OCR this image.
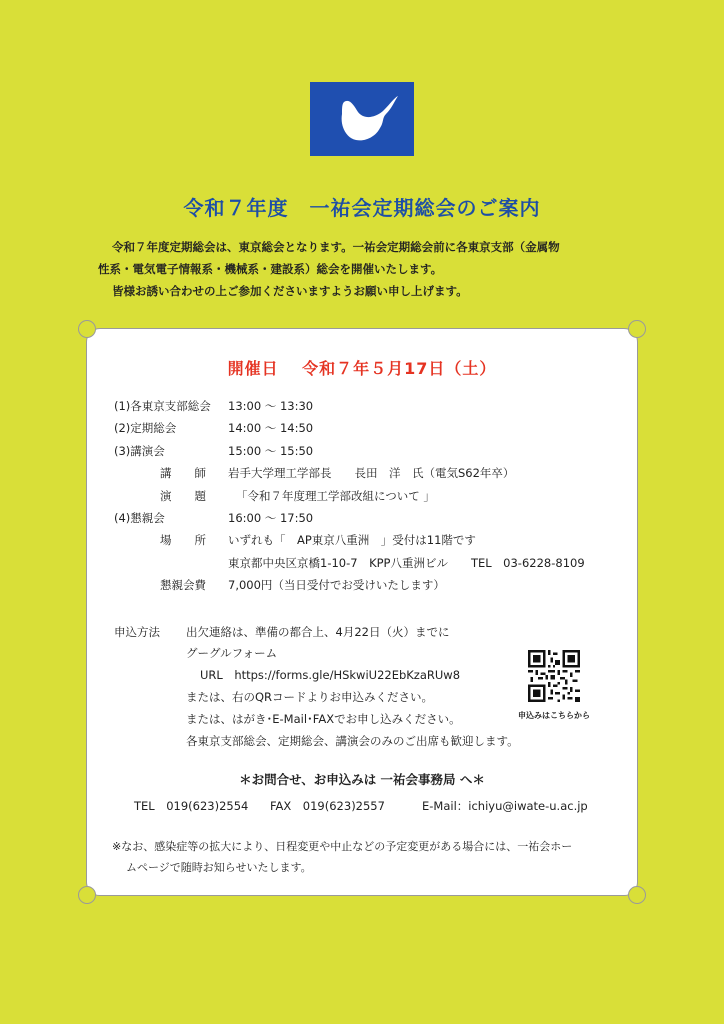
令和７年度　一祐会定期総会のご案内

令和７年度定期総会は、東京総会となります。一祐会定期総会前に各東京支部（金属物

性系・電気電子情報系・機械系・建設系）総会を開催いたします。

皆様お誘い合わせの上ご参加くださいますようお願い申し上げます。

開催日　 令和７年５月17日（土）
(1)各東京支部総会 13:00 ～ 13:30
(2)定期総会	14:00 ～ 14:50
(3)講演会	15:00 ～ 15:50
講　　師 岩手大学理工学部長　　長田　洋　氏（電気S62年卒）
演　　題	「令和７年度理工学部改組について 」
(4)懇親会	16:00 ～ 17:50
場　　所 いずれも「　AP東京八重洲　」受付は11階です
東京都中央区京橋1-10-7　KPP八重洲ビル　　TEL　03-6228-8109
懇親会費 7,000円（当日受付でお受けいたします）
申込方法 出欠連絡は、準備の都合上、4月22日（火）までに
グーグルフォーム
URL　https://forms.gle/HSkwiU22EbKzaRUw8
または、右のQRコードよりお申込みください。
または、はがき･E-Mail･FAXでお申し込みください。
各東京支部総会、定期総会、講演会のみのご出席も歓迎します。
申込みはこちらから
＊お問合せ、お申込みは 一祐会事務局 へ＊
TEL　019(623)2554 FAX　019(623)2557	E-Mail：ichiyu@iwate-u.ac.jp
※なお、感染症等の拡大により、日程変更や中止などの予定変更がある場合には、一祐会ホー
ムページで随時お知らせいたします。
